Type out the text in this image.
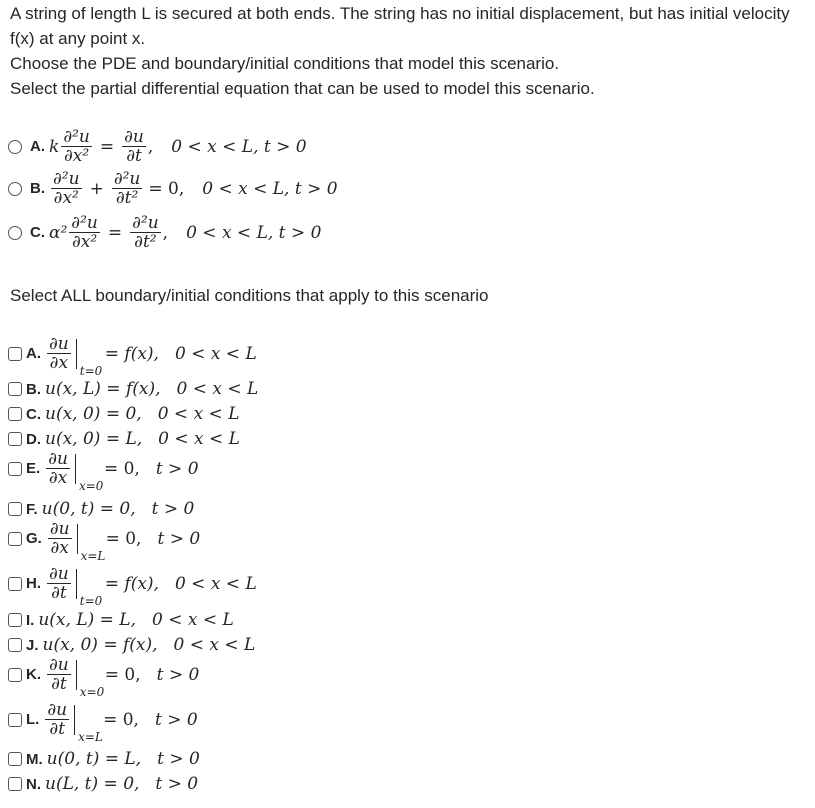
A string of length L is secured at both ends. The string has no initial displacement, but has initial velocity
f(x) at any point x.
Choose the PDE and boundary/initial conditions that model this scenario.
Select the partial differential equation that can be used to model this scenario.
A. k $\frac{\text{∂²u}}{\text{∂x²}} = \frac{\partial u}{\partial t}$ , 0 < x < L, t > 0
B. $\frac{\text{∂²u}}{\text{∂x²}} + \frac{\text{∂²u}}{\text{∂t²}} = 0$, 0 < x < L, t > 0
C. $\alpha^2 \frac{\text{∂²u}}{\text{∂x²}} = \frac{\text{∂²u}}{\text{∂t²}}$ , 0 < x < L, t > 0
Select ALL boundary/initial conditions that apply to this scenario
A. $\frac{\partial u}{\partial x} t=0$
= f(x), 0 < x < L
B. u(x, L) = f(x), 0 < x < L
C. u(x, 0) = 0, 0 < x < L
D. u(x, 0) = L, 0 < x < L
E. $\frac{\partial u}{\partial x} x=0$
= 0, t > 0
F. u(0, t) = 0, t > 0
G. $\frac{\partial u}{\partial x} x=L$
= 0, t > 0
H. $\frac{\partial u}{\partial t} t=0$
= f(x), 0 < x < L
I. u(x, L) = L, 0 < x < L
J. u(x, 0) = f(x), 0 < x < L
K. $\frac{\partial u}{\partial t} x=0$
= 0, t > 0
L. $\frac{\partial u}{\partial t} x=L$
= 0, t > 0
M. u(0, t) = L, t > 0
N. u(L, t) = 0, t > 0
